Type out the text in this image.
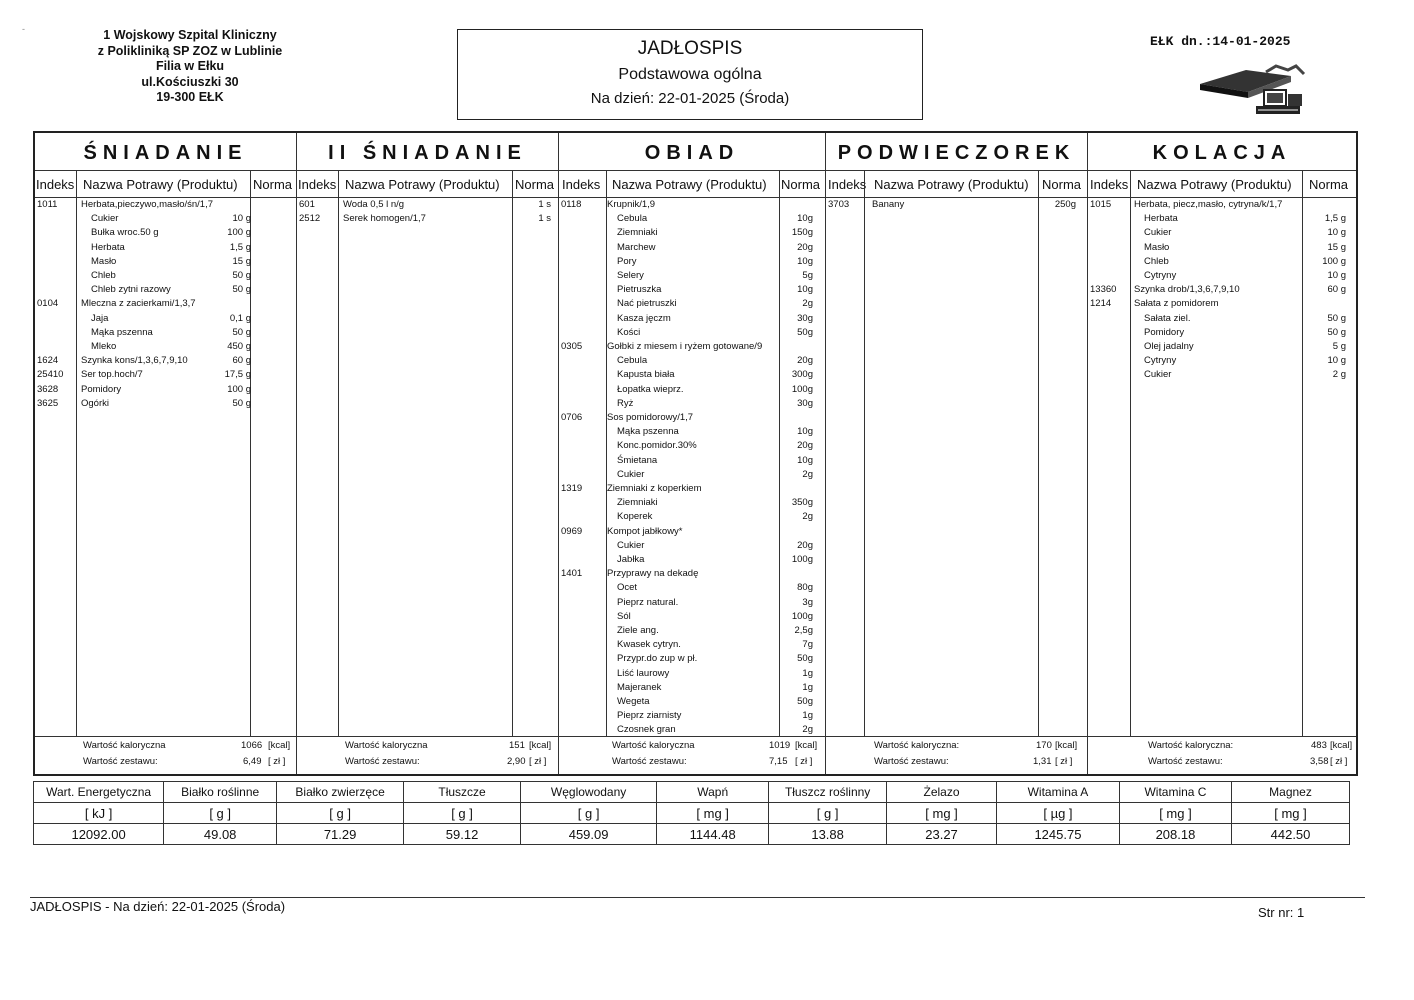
-	1 Wojskowy Szpital Kliniczny
z Polikliniką SP ZOZ w Lublinie
Filia w Ełku
ul.Kościuszki 30
19-300 EŁK
JADŁOSPIS
Podstawowa ogólna
Na dzień: 22-01-2025 (Środa)
EŁK dn.:14-01-2025
ŚNIADANIE
Indeks Nazwa Potrawy (Produktu) Norma
1011 Herbata,pieczywo,masło/śn/1,7
Cukier	10 g
Bułka wroc.50 g	100 g
Herbata	1,5 g
Masło	15 g
Chleb	50 g
Chleb zytni razowy	50 g
0104 Mleczna z zacierkami/1,3,7
Jaja	0,1 g
Mąka pszenna	50 g
Mleko	450 g
1624 Szynka kons/1,3,6,7,9,10	60 g
25410 Ser top.hoch/7	17,5 g
3628 Pomidory	100 g
3625 Ogórki	50 g
Wartość kaloryczna	1066 [kcal]
Wartość zestawu:	6,49 [ zł ]
II ŚNIADANIE
Indeks Nazwa Potrawy (Produktu) Norma
601	Woda 0,5 l n/g	1 s
2512 Serek homogen/1,7	1 s
Wartość kaloryczna	151 [kcal]
Wartość zestawu:	2,90 [ zł ]
OBIAD
Indeks Nazwa Potrawy (Produktu) Norma
0118	Krupnik/1,9
Cebula	10g
Ziemniaki	150g
Marchew	20g
Pory	10g
Selery	5g
Pietruszka	10g
Nać pietruszki	2g
Kasza jęczm	30g
Kości	50g
0305	Gołbki z miesem i ryżem gotowane/9
Cebula	20g
Kapusta biała	300g
Łopatka wieprz.	100g
Ryż	30g
0706	Sos pomidorowy/1,7
Mąka pszenna	10g
Konc.pomidor.30%	20g
Śmietana	10g
Cukier	2g
1319	Ziemniaki z koperkiem
Ziemniaki	350g
Koperek	2g
0969	Kompot jabłkowy*
Cukier	20g
Jabłka	100g
1401	Przyprawy na dekadę
Ocet	80g
Pieprz natural.	3g
Sól	100g
Ziele ang.	2,5g
Kwasek cytryn.	7g
Przypr.do zup w pł.	50g
Liść laurowy	1g
Majeranek	1g
Wegeta	50g
Pieprz ziarnisty	1g
Czosnek gran	2g
Wartość kaloryczna	1019 [kcal]
Wartość zestawu:	7,15 [ zł ]
PODWIECZOREK
Indeks Nazwa Potrawy (Produktu) Norma
3703 Banany	250g
Wartość kaloryczna:	170 [kcal]
Wartość zestawu:	1,31 [ zł ]
KOLACJA
Indeks Nazwa Potrawy (Produktu) Norma
1015 Herbata, piecz,masło, cytryna/k/1,7
Herbata	1,5 g
Cukier	10 g
Masło	15 g
Chleb	100 g
Cytryny	10 g
13360 Szynka drob/1,3,6,7,9,10	60 g
1214 Sałata z pomidorem
Sałata ziel.	50 g
Pomidory	50 g
Olej jadalny	5 g
Cytryny	10 g
Cukier	2 g
Wartość kaloryczna:	483 [kcal]
Wartość zestawu:	3,58 [ zł ]
Wart. Energetyczna	Białko roślinne	Białko zwierzęce	Tłuszcze	Węglowodany	Wapń	Tłuszcz roślinny	Żelazo	Witamina A	Witamina C	Magnez
[ kJ ]	[ g ]	[ g ]	[ g ]	[ g ]	[ mg ]	[ g ]	[ mg ]	[ µg ]	[ mg ]	[ mg ]
12092.00	49.08	71.29	59.12	459.09	1144.48	13.88	23.27	1245.75	208.18	442.50
JADŁOSPIS - Na dzień: 22-01-2025 (Środa)	Str nr: 1
